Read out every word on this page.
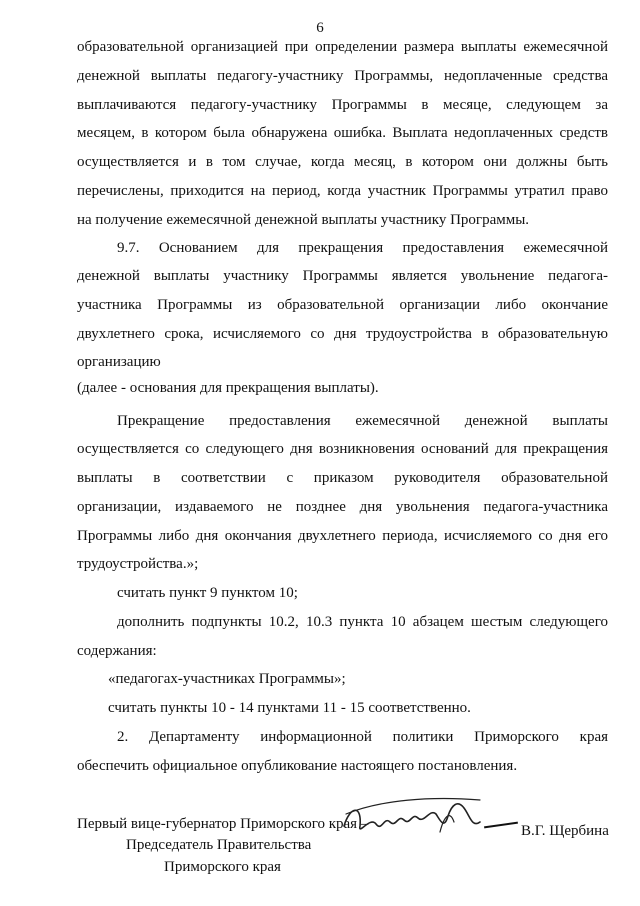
6
образовательной организацией при определении размера выплаты ежемесячной
денежной выплаты педагогу-участнику Программы, недоплаченные средства
выплачиваются педагогу-участнику Программы в месяце, следующем за
месяцем, в котором была обнаружена ошибка. Выплата недоплаченных средств
осуществляется и в том случае, когда месяц, в котором они должны быть
перечислены, приходится на период, когда участник Программы утратил право
на получение ежемесячной денежной выплаты участнику Программы.
9.7. Основанием для прекращения предоставления ежемесячной
денежной выплаты участнику Программы является увольнение педагога-
участника Программы из образовательной организации либо окончание
двухлетнего срока, исчисляемого со дня трудоустройства в образовательную
организацию
(далее - основания для прекращения выплаты).
Прекращение предоставления ежемесячной денежной выплаты
осуществляется со следующего дня возникновения оснований для прекращения
выплаты в соответствии с приказом руководителя образовательной
организации, издаваемого не позднее дня увольнения педагога-участника
Программы либо дня окончания двухлетнего периода, исчисляемого со дня его
трудоустройства.»;
считать пункт 9 пунктом 10;
дополнить подпункты 10.2, 10.3 пункта 10 абзацем шестым следующего
содержания:
«педагогах-участниках Программы»;
считать пункты 10 - 14 пунктами 11 - 15 соответственно.
2. Департаменту информационной политики Приморского края
обеспечить официальное опубликование настоящего постановления.
Первый вице-губернатор Приморского края –
Председатель Правительства
Приморского края
В.Г. Щербина
